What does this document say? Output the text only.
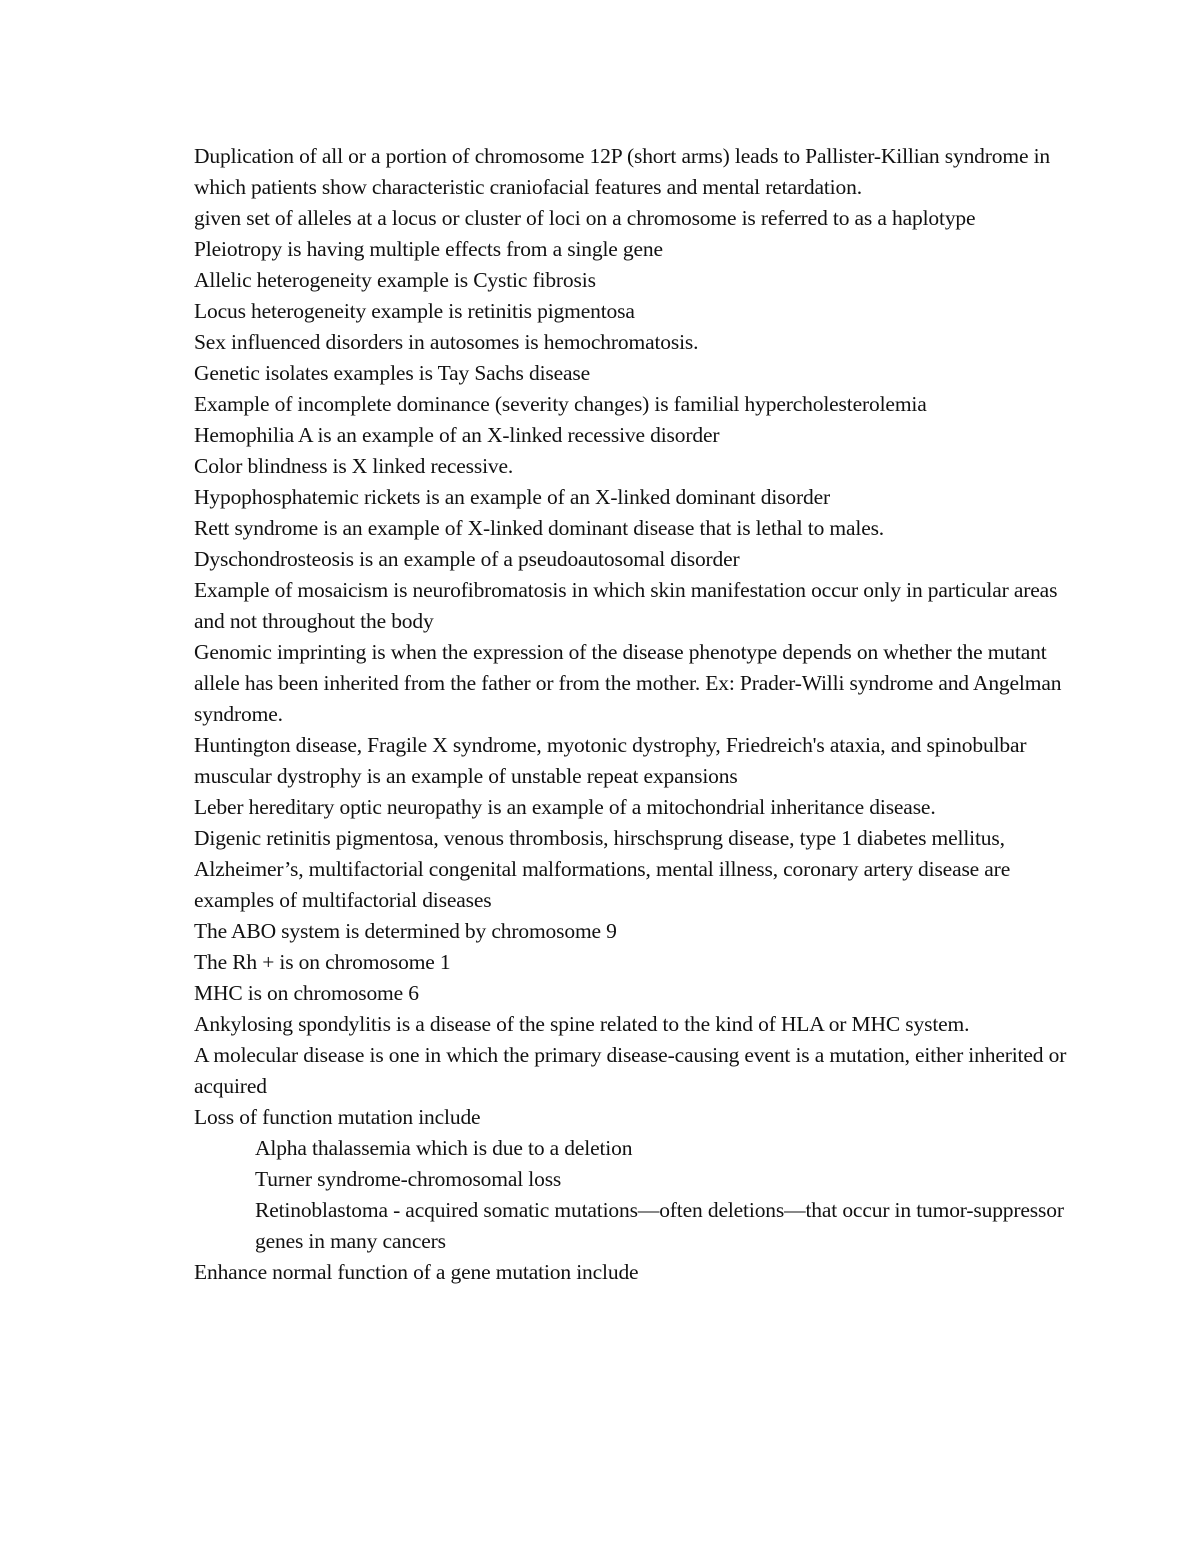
Duplication of all or a portion of chromosome 12P (short arms) leads to Pallister-Killian syndrome in which patients show characteristic craniofacial features and mental retardation.

given set of alleles at a locus or cluster of loci on a chromosome is referred to as a haplotype

Pleiotropy is having multiple effects from a single gene

Allelic heterogeneity example is Cystic fibrosis

Locus heterogeneity example is retinitis pigmentosa

Sex influenced disorders in autosomes is hemochromatosis.

Genetic isolates examples is Tay Sachs disease

Example of incomplete dominance (severity changes) is familial hypercholesterolemia

Hemophilia A is an example of an X-linked recessive disorder

Color blindness is X linked recessive.

Hypophosphatemic rickets is an example of an X-linked dominant disorder

Rett syndrome is an example of X-linked dominant disease that is lethal to males.

Dyschondrosteosis is an example of a pseudoautosomal disorder

Example of mosaicism is neurofibromatosis in which skin manifestation occur only in particular areas and not throughout the body

Genomic imprinting is when the expression of the disease phenotype depends on whether the mutant allele has been inherited from the father or from the mother. Ex: Prader-Willi syndrome and Angelman syndrome.

Huntington disease, Fragile X syndrome, myotonic dystrophy, Friedreich's ataxia, and spinobulbar muscular dystrophy is an example of unstable repeat expansions

Leber hereditary optic neuropathy is an example of a mitochondrial inheritance disease.

Digenic retinitis pigmentosa, venous thrombosis, hirschsprung disease, type 1 diabetes mellitus, Alzheimer’s, multifactorial congenital malformations, mental illness, coronary artery disease are examples of multifactorial diseases

The ABO system is determined by chromosome 9

The Rh + is on chromosome 1

MHC is on chromosome 6

Ankylosing spondylitis is a disease of the spine related to the kind of HLA or MHC system.

A molecular disease is one in which the primary disease-causing event is a mutation, either inherited or acquired

Loss of function mutation include

Alpha thalassemia which is due to a deletion

Turner syndrome-chromosomal loss

Retinoblastoma - acquired somatic mutations—often deletions—that occur in tumor-suppressor genes in many cancers

Enhance normal function of a gene mutation include
